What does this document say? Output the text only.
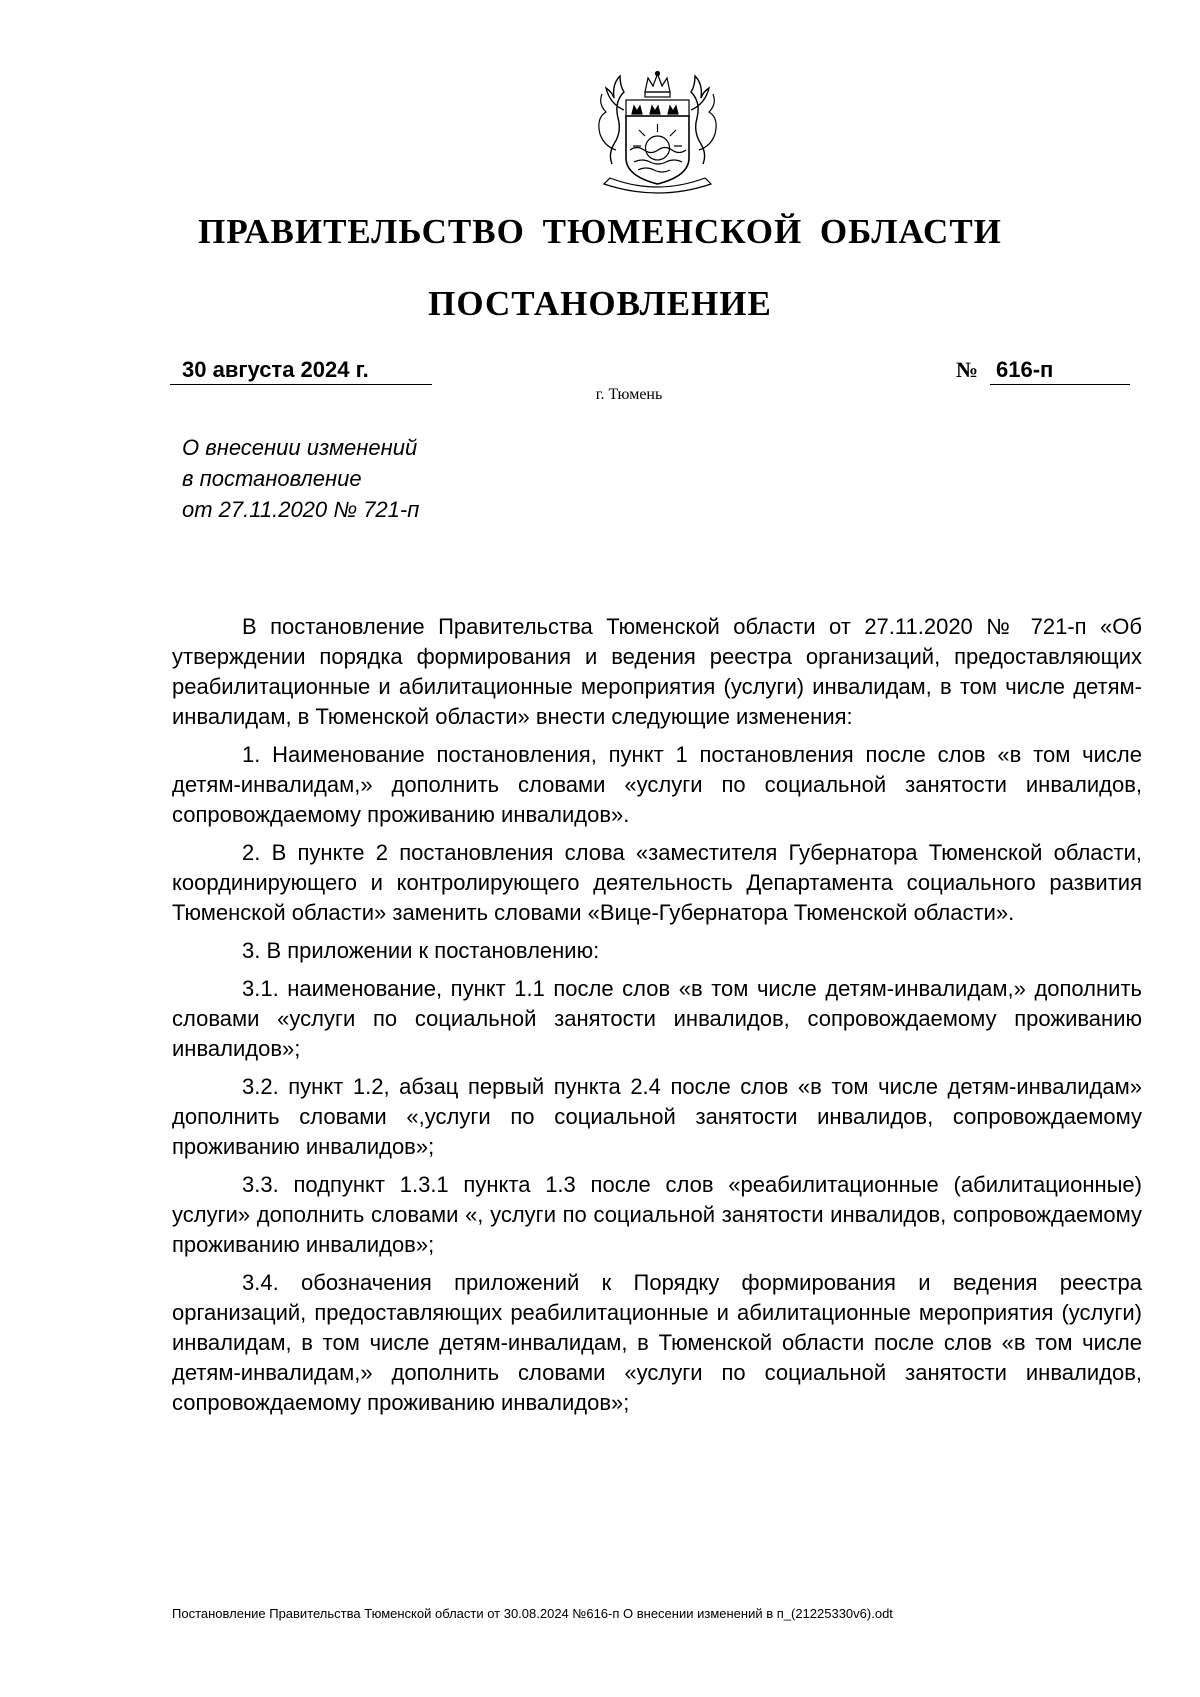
ПРАВИТЕЛЬСТВО ТЮМЕНСКОЙ ОБЛАСТИ
ПОСТАНОВЛЕНИЕ
30 августа 2024 г.	№ 616-п
г. Тюмень
О внесении изменений
в постановление
от 27.11.2020 № 721-п

В постановление Правительства Тюменской области от 27.11.2020 № 721-п «Об утверждении порядка формирования и ведения реестра организаций, предоставляющих реабилитационные и абилитационные мероприятия (услуги) инвалидам, в том числе детям-инвалидам, в Тюменской области» внести следующие изменения:

1. Наименование постановления, пункт 1 постановления после слов «в том числе детям-инвалидам,» дополнить словами «услуги по социальной занятости инвалидов, сопровождаемому проживанию инвалидов».

2. В пункте 2 постановления слова «заместителя Губернатора Тюменской области, координирующего и контролирующего деятельность Департамента социального развития Тюменской области» заменить словами «Вице-Губернатора Тюменской области».

3. В приложении к постановлению:

3.1. наименование, пункт 1.1 после слов «в том числе детям-инвалидам,» дополнить словами «услуги по социальной занятости инвалидов, сопровождаемому проживанию инвалидов»;

3.2. пункт 1.2, абзац первый пункта 2.4 после слов «в том числе детям-инвалидам» дополнить словами «,услуги по социальной занятости инвалидов, сопровождаемому проживанию инвалидов»;

3.3. подпункт 1.3.1 пункта 1.3 после слов «реабилитационные (абилитационные) услуги» дополнить словами «, услуги по социальной занятости инвалидов, сопровождаемому проживанию инвалидов»;

3.4. обозначения приложений к Порядку формирования и ведения реестра организаций, предоставляющих реабилитационные и абилитационные мероприятия (услуги) инвалидам, в том числе детям-инвалидам, в Тюменской области после слов «в том числе детям-инвалидам,» дополнить словами «услуги по социальной занятости инвалидов, сопровождаемому проживанию инвалидов»;

Постановление Правительства Тюменской области от 30.08.2024 №616-п О внесении изменений в п_(21225330v6).odt
